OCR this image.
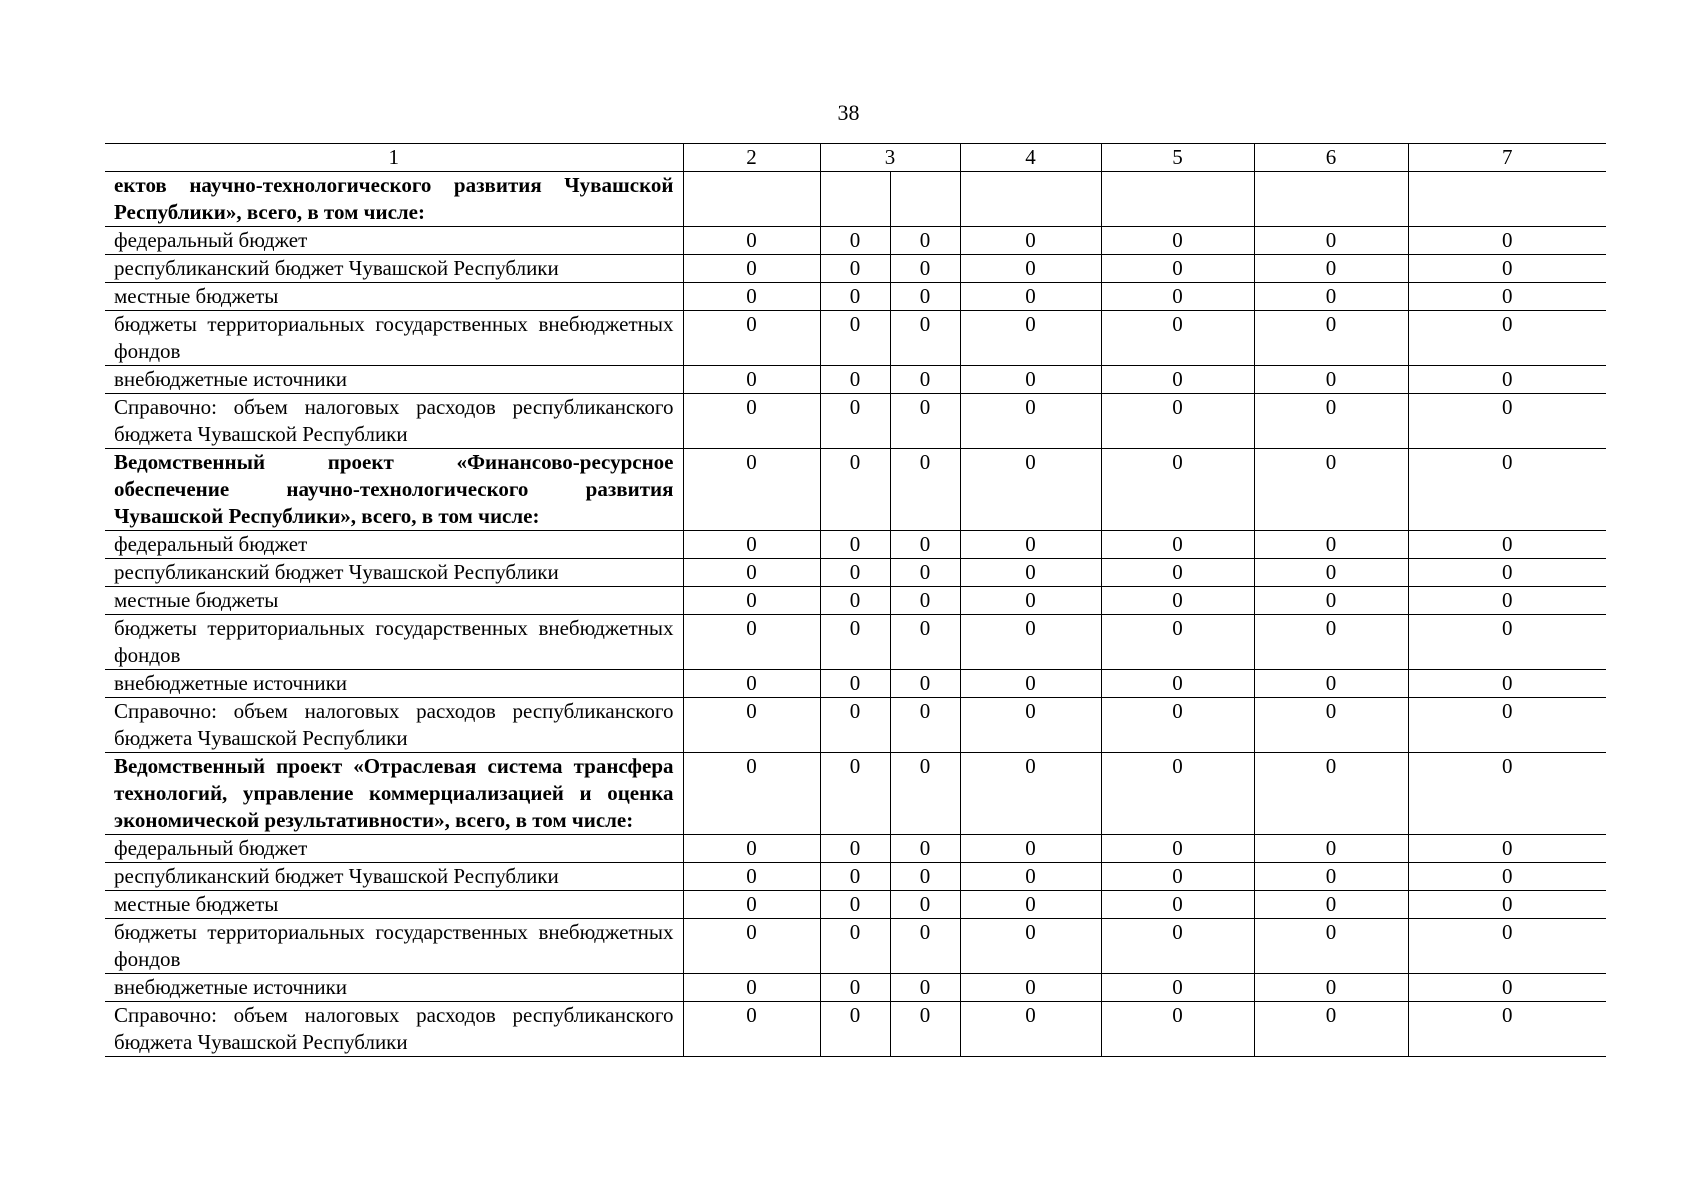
38
1	2	3		4	5	6	7

ектов научно-технологического развития Чувашской Республики», всего, в том числе:							

федеральный бюджет	0	0	0	0	0	0	0

республиканский бюджет Чувашской Республики	0	0	0	0	0	0	0

местные бюджеты	0	0	0	0	0	0	0

бюджеты территориальных государственных внебюджетных фондов	0	0	0	0	0	0	0

внебюджетные источники	0	0	0	0	0	0	0

Справочно: объем налоговых расходов республиканского бюджета Чувашской Республики	0	0	0	0	0	0	0

Ведомственный проект «Финансово-ресурсное обеспечение научно-технологического развития Чувашской Республики», всего, в том числе:	0	0	0	0	0	0	0

федеральный бюджет	0	0	0	0	0	0	0

республиканский бюджет Чувашской Республики	0	0	0	0	0	0	0

местные бюджеты	0	0	0	0	0	0	0

бюджеты территориальных государственных внебюджетных фондов	0	0	0	0	0	0	0

внебюджетные источники	0	0	0	0	0	0	0

Справочно: объем налоговых расходов республиканского бюджета Чувашской Республики	0	0	0	0	0	0	0

Ведомственный проект «Отраслевая система трансфера технологий, управление коммерциализацией и оценка экономической результативности», всего, в том числе:	0	0	0	0	0	0	0

федеральный бюджет	0	0	0	0	0	0	0

республиканский бюджет Чувашской Республики	0	0	0	0	0	0	0

местные бюджеты	0	0	0	0	0	0	0

бюджеты территориальных государственных внебюджетных фондов	0	0	0	0	0	0	0

внебюджетные источники	0	0	0	0	0	0	0

Справочно: объем налоговых расходов республиканского бюджета Чувашской Республики	0	0	0	0	0	0	0
